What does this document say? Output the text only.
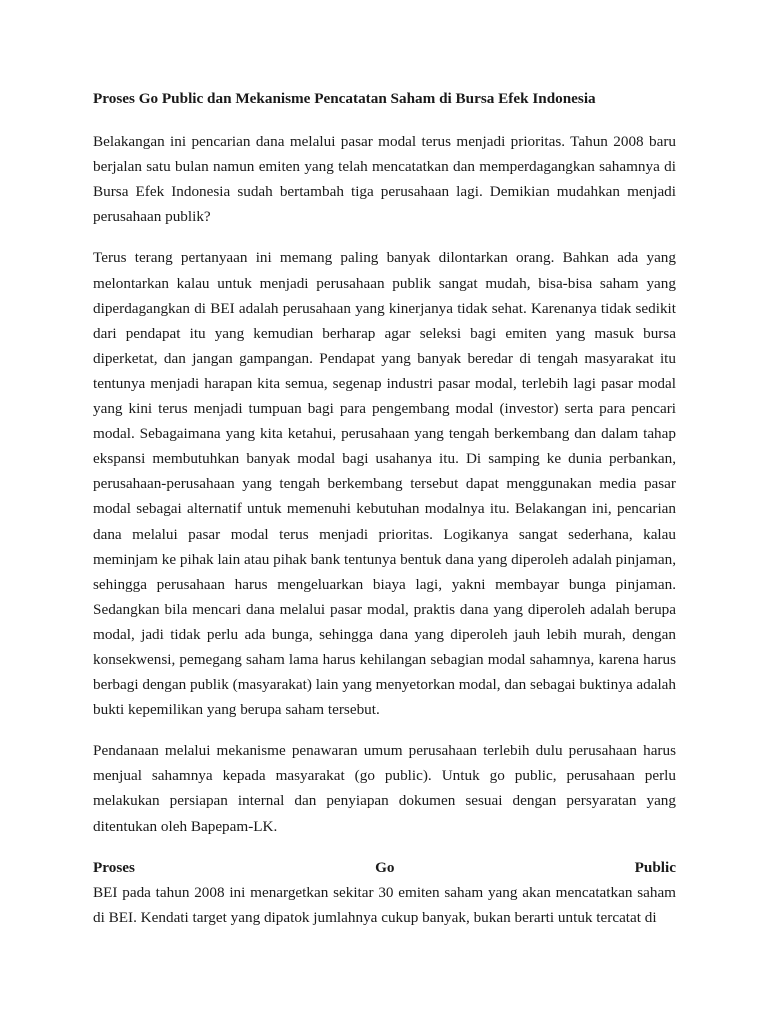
Proses Go Public dan Mekanisme Pencatatan Saham di Bursa Efek Indonesia

Belakangan ini pencarian dana melalui pasar modal terus menjadi prioritas. Tahun 2008 baru berjalan satu bulan namun emiten yang telah mencatatkan dan memperdagangkan sahamnya di Bursa Efek Indonesia sudah bertambah tiga perusahaan lagi. Demikian mudahkan menjadi perusahaan publik?

Terus terang pertanyaan ini memang paling banyak dilontarkan orang. Bahkan ada yang melontarkan kalau untuk menjadi perusahaan publik sangat mudah, bisa-bisa saham yang diperdagangkan di BEI adalah perusahaan yang kinerjanya tidak sehat. Karenanya tidak sedikit dari pendapat itu yang kemudian berharap agar seleksi bagi emiten yang masuk bursa diperketat, dan jangan gampangan. Pendapat yang banyak beredar di tengah masyarakat itu tentunya menjadi harapan kita semua, segenap industri pasar modal, terlebih lagi pasar modal yang kini terus menjadi tumpuan bagi para pengembang modal (investor) serta para pencari modal. Sebagaimana yang kita ketahui, perusahaan yang tengah berkembang dan dalam tahap ekspansi membutuhkan banyak modal bagi usahanya itu. Di samping ke dunia perbankan, perusahaan-perusahaan yang tengah berkembang tersebut dapat menggunakan media pasar modal sebagai alternatif untuk memenuhi kebutuhan modalnya itu. Belakangan ini, pencarian dana melalui pasar modal terus menjadi prioritas. Logikanya sangat sederhana, kalau meminjam ke pihak lain atau pihak bank tentunya bentuk dana yang diperoleh adalah pinjaman, sehingga perusahaan harus mengeluarkan biaya lagi, yakni membayar bunga pinjaman. Sedangkan bila mencari dana melalui pasar modal, praktis dana yang diperoleh adalah berupa modal, jadi tidak perlu ada bunga, sehingga dana yang diperoleh jauh lebih murah, dengan konsekwensi, pemegang saham lama harus kehilangan sebagian modal sahamnya, karena harus berbagi dengan publik (masyarakat) lain yang menyetorkan modal, dan sebagai buktinya adalah bukti kepemilikan yang berupa saham tersebut.

Pendanaan melalui mekanisme penawaran umum perusahaan terlebih dulu perusahaan harus menjual sahamnya kepada masyarakat (go public). Untuk go public, perusahaan perlu melakukan persiapan internal dan penyiapan dokumen sesuai dengan persyaratan yang ditentukan oleh Bapepam-LK.

Proses	Go	Public

BEI pada tahun 2008 ini menargetkan sekitar 30 emiten saham yang akan mencatatkan saham di BEI. Kendati target yang dipatok jumlahnya cukup banyak, bukan berarti untuk tercatat di
